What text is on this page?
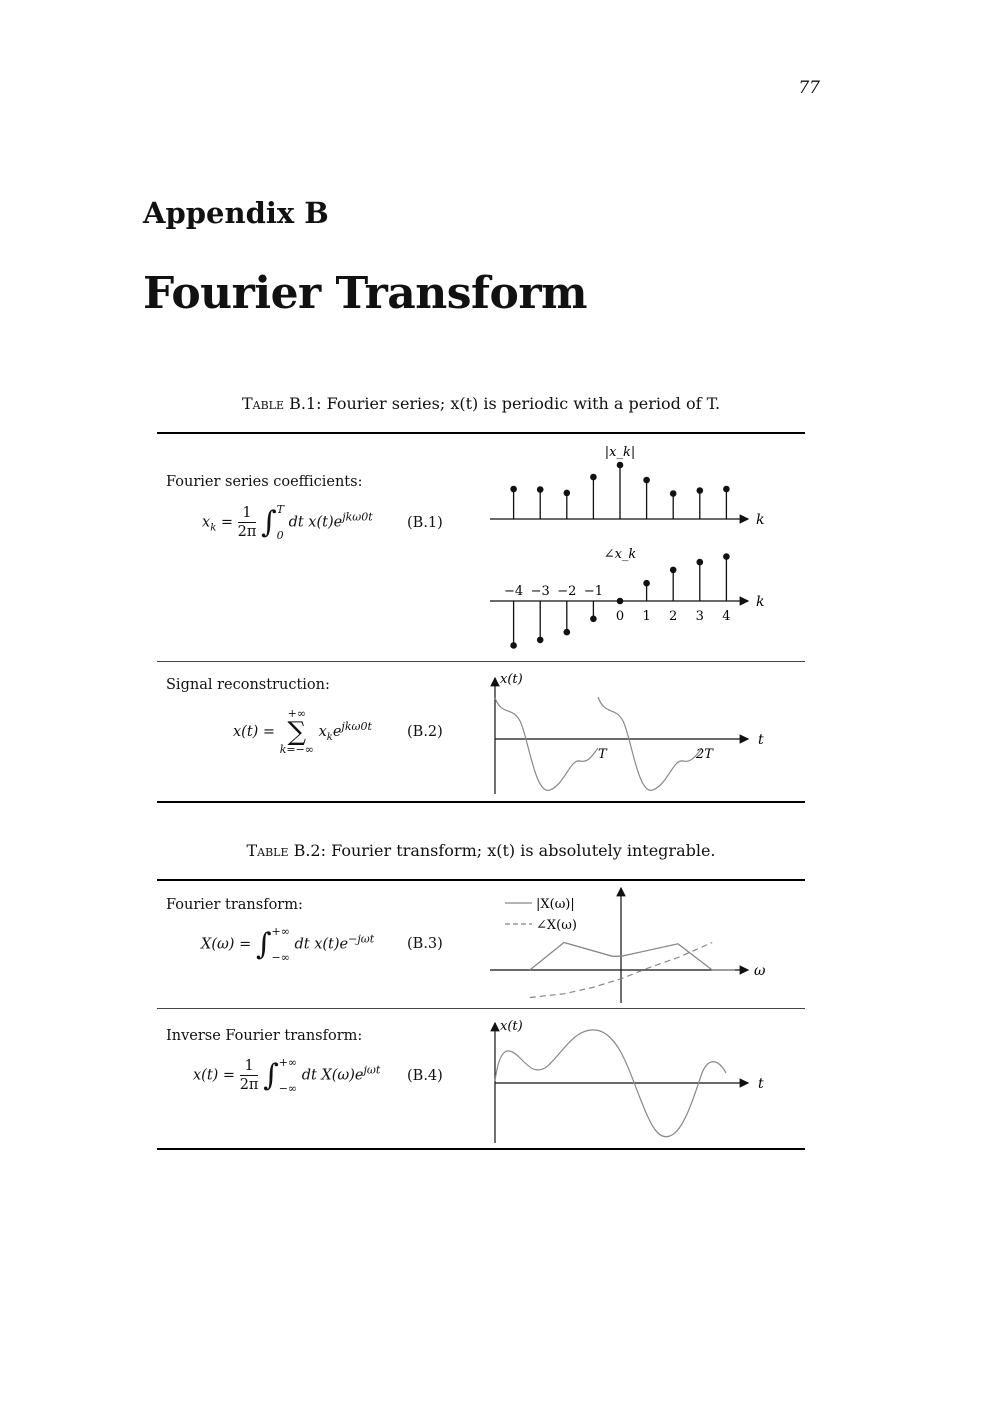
77
Appendix B
Fourier Transform
Table B.1: Fourier series; x(t) is periodic with a period of T.
Fourier series coefficients:
$x_k = \frac{1}{2\pi} \int T$

0 dt $x(t)e^{jk\omega 0t}$ (B.1)
|x_k|
k
∠x_k
k
−4 −3 −2 −1
0 1 2 3 4
Signal reconstruction:
x(t) =
+∞
∑
k=−∞
$x_ke^{jk\omega 0t}$ (B.2)
x(t)
t
T	2T
Table B.2: Fourier transform; x(t) is absolutely integrable.
Fourier transform:
X(ω) = ∫+∞

−∞ dt $x(t)e^{-j\omega t}$ (B.3)
|X(ω)|
∠X(ω)
ω
Inverse Fourier transform:
$x(t) = \frac{1}{2\pi}$ ∫+∞

−∞ dt $X(\omega)e^{j\omega t}$ (B.4)
x(t)
t
